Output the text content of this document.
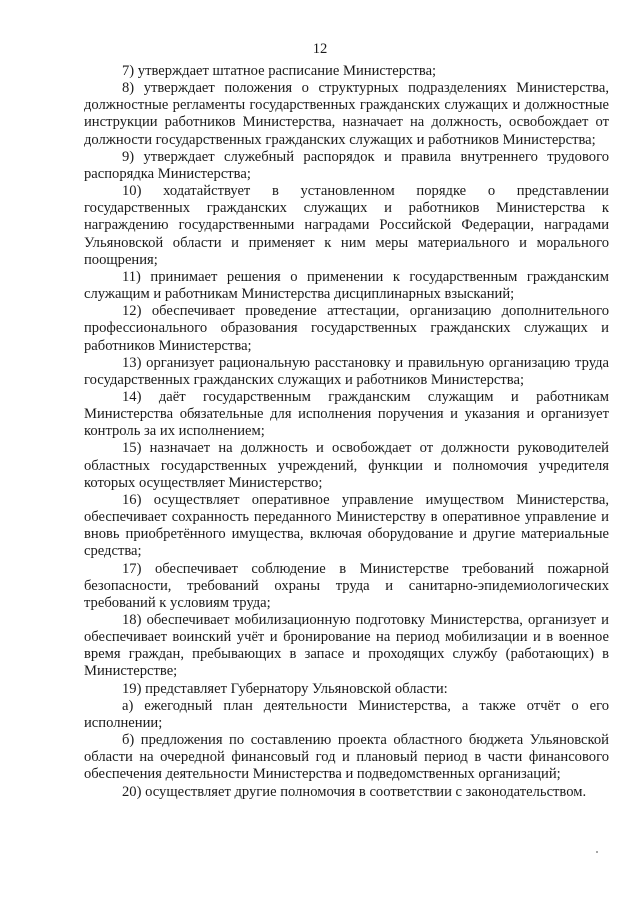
12

7) утверждает штатное расписание Министерства;

8) утверждает положения о структурных подразделениях Министерства, должностные регламенты государственных гражданских служащих и должностные инструкции работников Министерства, назначает на должность, освобождает от должности государственных гражданских служащих и работников Министерства;

9) утверждает служебный распорядок и правила внутреннего трудового распорядка Министерства;

10) ходатайствует в установленном порядке о представлении государственных гражданских служащих и работников Министерства к награждению государственными наградами Российской Федерации, наградами Ульяновской области и применяет к ним меры материального и морального поощрения;

11) принимает решения о применении к государственным гражданским служащим и работникам Министерства дисциплинарных взысканий;

12) обеспечивает проведение аттестации, организацию дополнительного профессионального образования государственных гражданских служащих и работников Министерства;

13) организует рациональную расстановку и правильную организацию труда государственных гражданских служащих и работников Министерства;

14) даёт государственным гражданским служащим и работникам Министерства обязательные для исполнения поручения и указания и организует контроль за их исполнением;

15) назначает на должность и освобождает от должности руководителей областных государственных учреждений, функции и полномочия учредителя которых осуществляет Министерство;

16) осуществляет оперативное управление имуществом Министерства, обеспечивает сохранность переданного Министерству в оперативное управление и вновь приобретённого имущества, включая оборудование и другие материальные средства;

17) обеспечивает соблюдение в Министерстве требований пожарной безопасности, требований охраны труда и санитарно-эпидемиологических требований к условиям труда;

18) обеспечивает мобилизационную подготовку Министерства, организует и обеспечивает воинский учёт и бронирование на период мобилизации и в военное время граждан, пребывающих в запасе и проходящих службу (работающих) в Министерстве;

19) представляет Губернатору Ульяновской области:

а) ежегодный план деятельности Министерства, а также отчёт о его исполнении;

б) предложения по составлению проекта областного бюджета Ульяновской области на очередной финансовый год и плановый период в части финансового обеспечения деятельности Министерства и подведомственных организаций;

20) осуществляет другие полномочия в соответствии с законодательством.
